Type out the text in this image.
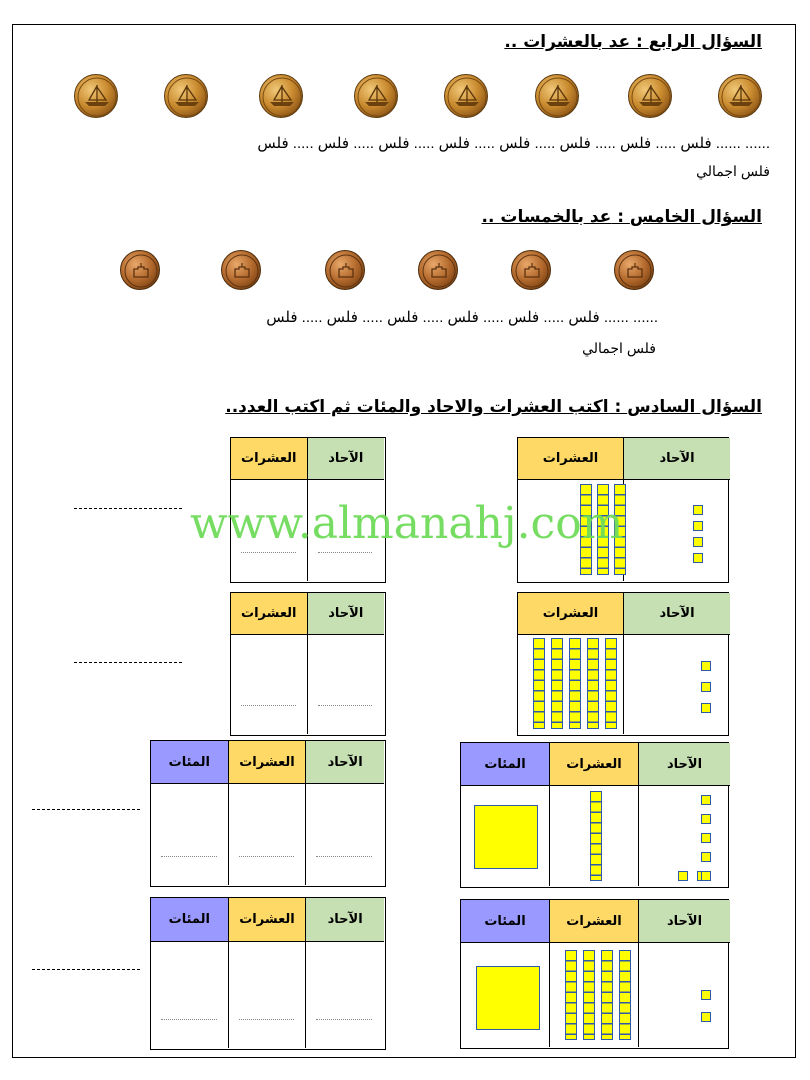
السؤال الرابع : عد بالعشرات ..
...... ...... فلس ..... فلس ..... فلس ..... فلس ..... فلس ..... فلس ..... فلس ..... فلس
فلس اجمالي
السؤال الخامس : عد بالخمسات ..
...... ...... فلس ..... فلس ..... فلس ..... فلس ..... فلس ..... فلس
فلس اجمالي
السؤال السادس : اكتب العشرات والاحاد والمئات ثم اكتب العدد..
العشرات	الآحاد
العشرات	الآحاد
المئات	العشرات	الآحاد
المئات	العشرات	الآحاد
العشرات	الآحاد
العشرات	الآحاد
المئات	العشرات	الآحاد
المئات	العشرات	الآحاد
www.almanahj.com
